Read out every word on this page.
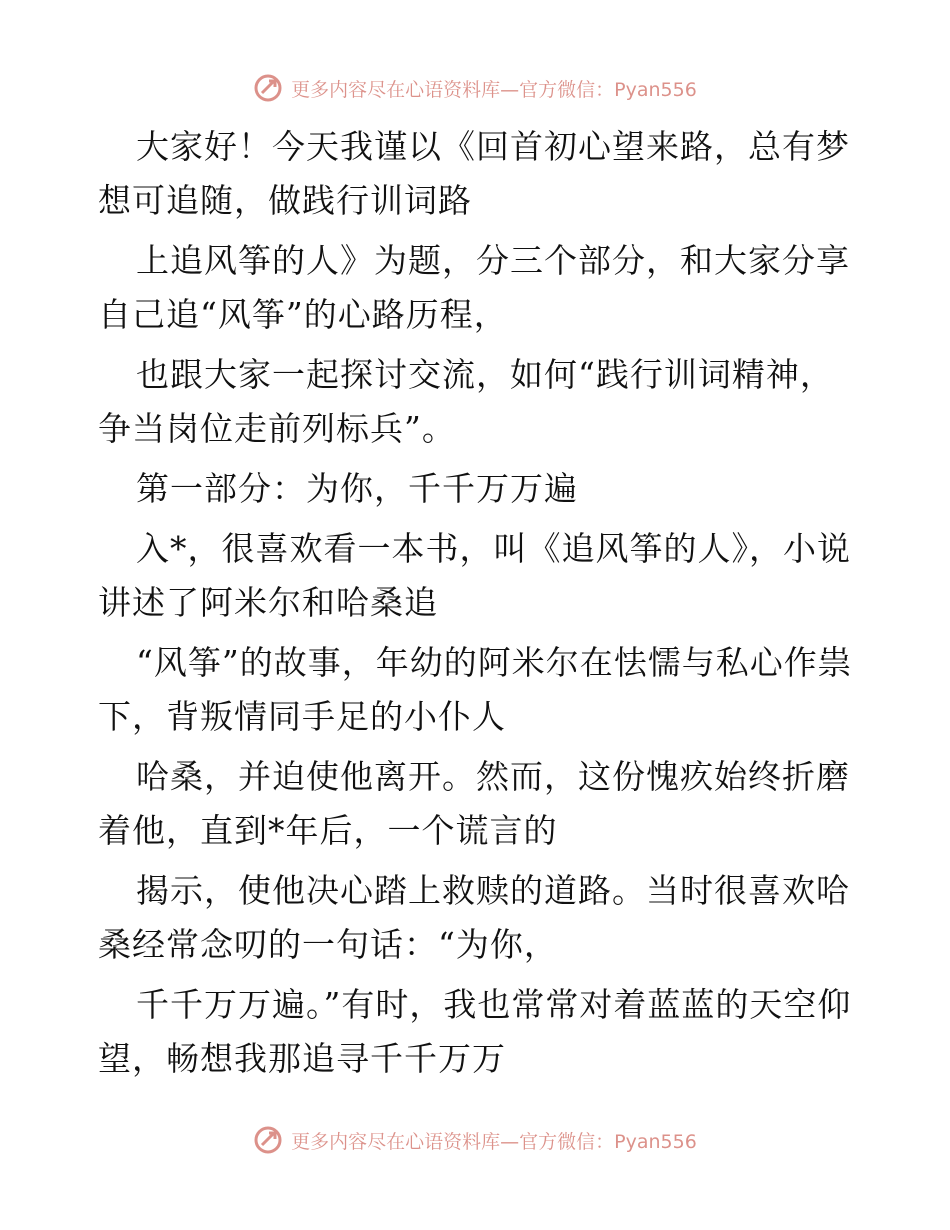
更多内容尽在心语资料库—官方微信：Pyan556

大家好！今天我谨以《回首初心望来路，总有梦想可追随，做践行训词路

上追风筝的人》为题，分三个部分，和大家分享自己追“风筝”的心路历程，

也跟大家一起探讨交流，如何“践行训词精神，争当岗位走前列标兵”。

第一部分：为你，千千万万遍

入*，很喜欢看一本书，叫《追风筝的人》，小说讲述了阿米尔和哈桑追

“风筝”的故事，年幼的阿米尔在怯懦与私心作祟下，背叛情同手足的小仆人

哈桑，并迫使他离开。然而，这份愧疚始终折磨着他，直到*年后，一个谎言的

揭示，使他决心踏上救赎的道路。当时很喜欢哈桑经常念叨的一句话：“为你，

千千万万遍。”有时，我也常常对着蓝蓝的天空仰望，畅想我那追寻千千万万

更多内容尽在心语资料库—官方微信：Pyan556
